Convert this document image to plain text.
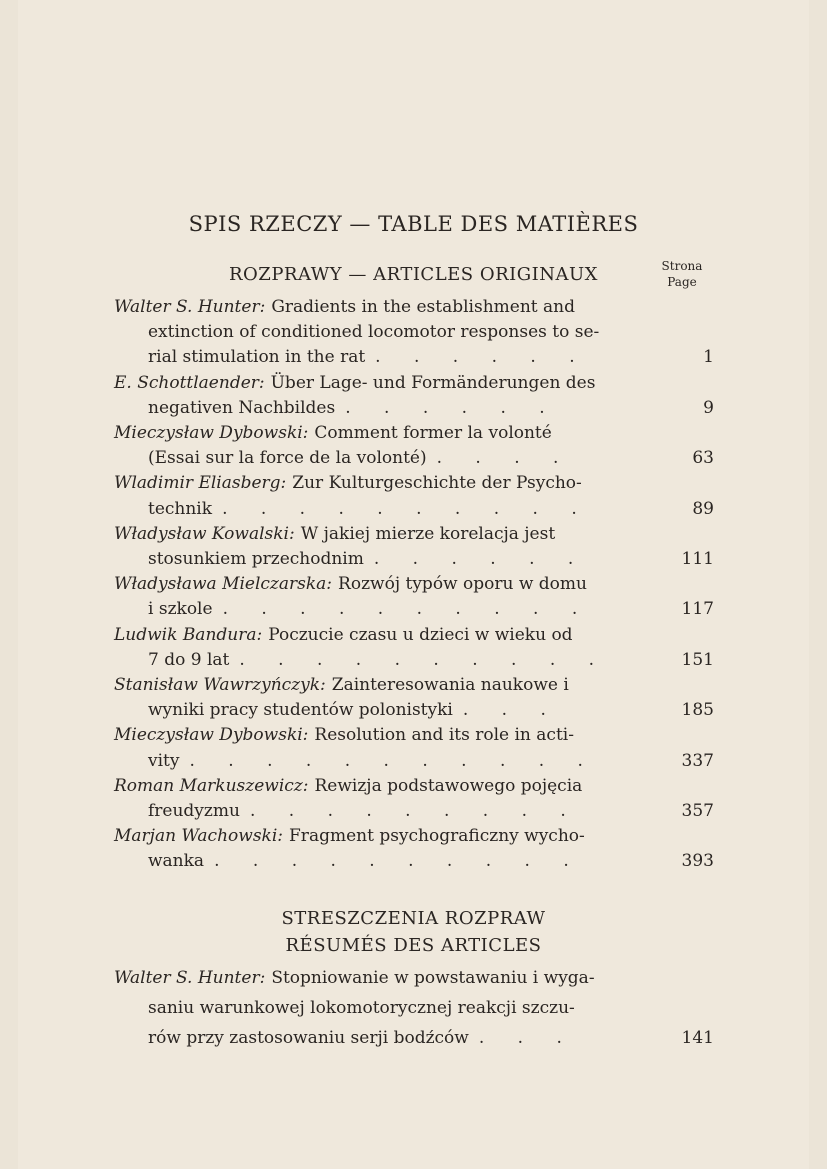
SPIS RZECZY — TABLE DES MATIÈRES
ROZPRAWY — ARTICLES ORIGINAUX	Strona
Page
Walter S. Hunter: Gradients in the establishment and
extinction of conditioned locomotor responses to se-
rial stimulation in the rat . . . . . .	1
E. Schottlaender: Über Lage- und Formänderungen des
negativen Nachbildes . . . . . .	9
Mieczysław Dybowski: Comment former la volonté
(Essai sur la force de la volonté) . . . .	63
Wladimir Eliasberg: Zur Kulturgeschichte der Psycho-
technik . . . . . . . . . .	89
Władysław Kowalski: W jakiej mierze korelacja jest
stosunkiem przechodnim . . . . . .	111
Władysława Mielczarska: Rozwój typów oporu w domu
i szkole . . . . . . . . . .	117
Ludwik Bandura: Poczucie czasu u dzieci w wieku od
7 do 9 lat . . . . . . . . . .	151
Stanisław Wawrzyńczyk: Zainteresowania naukowe i
wyniki pracy studentów polonistyki . . .	185
Mieczysław Dybowski: Resolution and its role in acti-
vity . . . . . . . . . . .	337
Roman Markuszewicz: Rewizja podstawowego pojęcia
freudyzmu . . . . . . . . .	357
Marjan Wachowski: Fragment psychograficzny wycho-
wanka . . . . . . . . . .	393
STRESZCZENIA ROZPRAW
RÉSUMÉS DES ARTICLES
Walter S. Hunter: Stopniowanie w powstawaniu i wyga-
saniu warunkowej lokomotorycznej reakcji szczu-
rów przy zastosowaniu serji bodźców . . .	141
